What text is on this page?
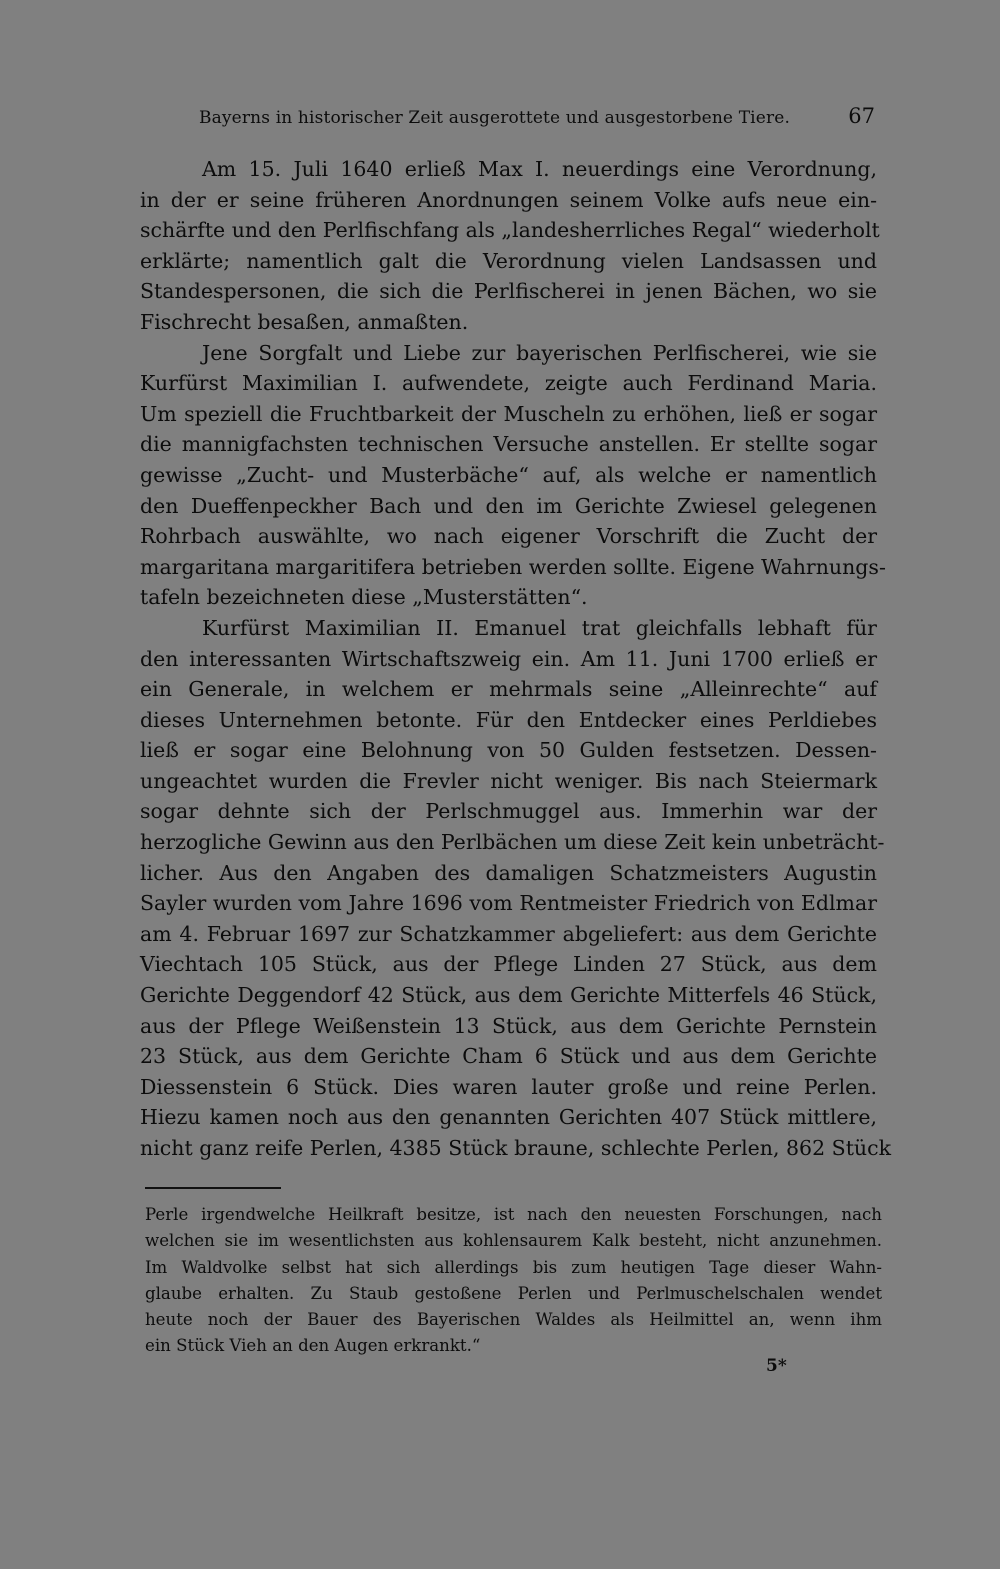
Bayerns in historischer Zeit ausgerottete und ausgestorbene Tiere.	67
Am 15. Juli 1640 erließ Max I. neuerdings eine Verordnung,
in der er seine früheren Anordnungen seinem Volke aufs neue ein-
schärfte und den Perlfischfang als „landesherrliches Regal“ wiederholt
erklärte; namentlich galt die Verordnung vielen Landsassen und
Standespersonen, die sich die Perlfischerei in jenen Bächen, wo sie
Fischrecht besaßen, anmaßten.
Jene Sorgfalt und Liebe zur bayerischen Perlfischerei, wie sie
Kurfürst Maximilian I. aufwendete, zeigte auch Ferdinand Maria.
Um speziell die Fruchtbarkeit der Muscheln zu erhöhen, ließ er sogar
die mannigfachsten technischen Versuche anstellen. Er stellte sogar
gewisse „Zucht- und Musterbäche“ auf, als welche er namentlich
den Dueffenpeckher Bach und den im Gerichte Zwiesel gelegenen
Rohrbach auswählte, wo nach eigener Vorschrift die Zucht der
margaritana margaritifera betrieben werden sollte. Eigene Wahrnungs-
tafeln bezeichneten diese „Musterstätten“.
Kurfürst Maximilian II. Emanuel trat gleichfalls lebhaft für
den interessanten Wirtschaftszweig ein. Am 11. Juni 1700 erließ er
ein Generale, in welchem er mehrmals seine „Alleinrechte“ auf
dieses Unternehmen betonte. Für den Entdecker eines Perldiebes
ließ er sogar eine Belohnung von 50 Gulden festsetzen. Dessen-
ungeachtet wurden die Frevler nicht weniger. Bis nach Steiermark
sogar dehnte sich der Perlschmuggel aus. Immerhin war der
herzogliche Gewinn aus den Perlbächen um diese Zeit kein unbeträcht-
licher. Aus den Angaben des damaligen Schatzmeisters Augustin
Sayler wurden vom Jahre 1696 vom Rentmeister Friedrich von Edlmar
am 4. Februar 1697 zur Schatzkammer abgeliefert: aus dem Gerichte
Viechtach 105 Stück, aus der Pflege Linden 27 Stück, aus dem
Gerichte Deggendorf 42 Stück, aus dem Gerichte Mitterfels 46 Stück,
aus der Pflege Weißenstein 13 Stück, aus dem Gerichte Pernstein
23 Stück, aus dem Gerichte Cham 6 Stück und aus dem Gerichte
Diessenstein 6 Stück. Dies waren lauter große und reine Perlen.
Hiezu kamen noch aus den genannten Gerichten 407 Stück mittlere,
nicht ganz reife Perlen, 4385 Stück braune, schlechte Perlen, 862 Stück
Perle irgendwelche Heilkraft besitze, ist nach den neuesten Forschungen, nach
welchen sie im wesentlichsten aus kohlensaurem Kalk besteht, nicht anzunehmen.
Im Waldvolke selbst hat sich allerdings bis zum heutigen Tage dieser Wahn-
glaube erhalten. Zu Staub gestoßene Perlen und Perlmuschelschalen wendet
heute noch der Bauer des Bayerischen Waldes als Heilmittel an, wenn ihm
ein Stück Vieh an den Augen erkrankt.“
5*
